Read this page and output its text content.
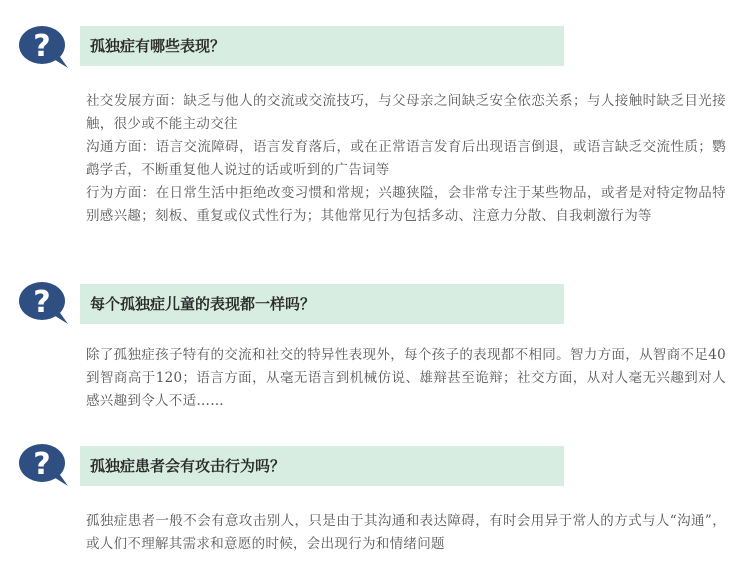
?	孤独症有哪些表现？

社交发展方面：缺乏与他人的交流或交流技巧，与父母亲之间缺乏安全依恋关系；与人接触时缺乏目光接触，很少或不能主动交往

沟通方面：语言交流障碍，语言发育落后，或在正常语言发育后出现语言倒退，或语言缺乏交流性质；鹦鹉学舌，不断重复他人说过的话或听到的广告词等

行为方面：在日常生活中拒绝改变习惯和常规；兴趣狭隘，会非常专注于某些物品，或者是对特定物品特别感兴趣；刻板、重复或仪式性行为；其他常见行为包括多动、注意力分散、自我刺激行为等

?	每个孤独症儿童的表现都一样吗？

除了孤独症孩子特有的交流和社交的特异性表现外，每个孩子的表现都不相同。智力方面，从智商不足40到智商高于120；语言方面，从毫无语言到机械仿说、雄辩甚至诡辩；社交方面，从对人毫无兴趣到对人感兴趣到令人不适……

?	孤独症患者会有攻击行为吗？

孤独症患者一般不会有意攻击别人，只是由于其沟通和表达障碍，有时会用异于常人的方式与人“沟通”，或人们不理解其需求和意愿的时候，会出现行为和情绪问题
